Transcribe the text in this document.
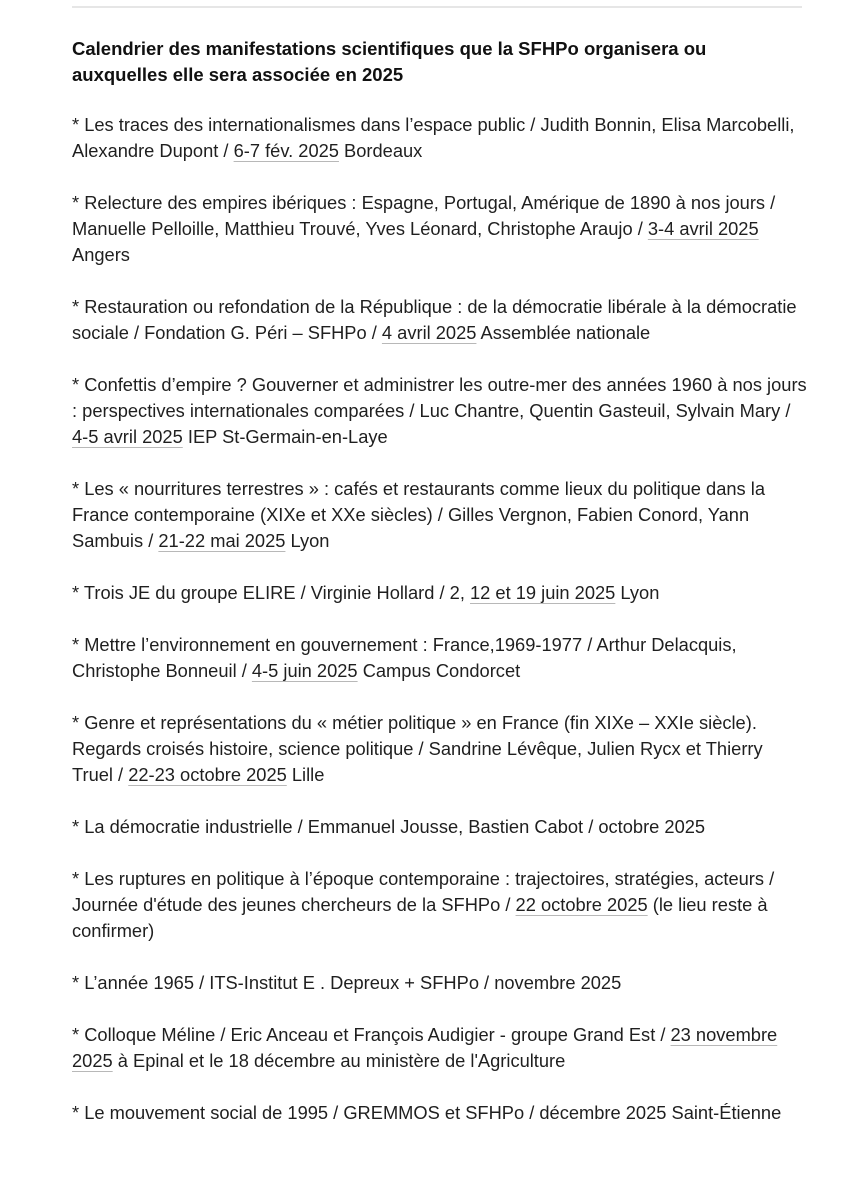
Calendrier des manifestations scientifiques que la SFHPo organisera ou auxquelles elle sera associée en 2025

* Les traces des internationalismes dans l’espace public / Judith Bonnin, Elisa Marcobelli, Alexandre Dupont / 6-7 fév. 2025 Bordeaux

* Relecture des empires ibériques : Espagne, Portugal, Amérique de 1890 à nos jours / Manuelle Pelloille, Matthieu Trouvé, Yves Léonard, Christophe Araujo / 3-4 avril 2025 Angers

* Restauration ou refondation de la République : de la démocratie libérale à la démocratie sociale / Fondation G. Péri – SFHPo / 4 avril 2025 Assemblée nationale

* Confettis d’empire ? Gouverner et administrer les outre-mer des années 1960 à nos jours : perspectives internationales comparées / Luc Chantre, Quentin Gasteuil, Sylvain Mary / 4-5 avril 2025 IEP St-Germain-en-Laye

* Les « nourritures terrestres » : cafés et restaurants comme lieux du politique dans la France contemporaine (XIXe et XXe siècles) / Gilles Vergnon, Fabien Conord, Yann Sambuis / 21-22 mai 2025 Lyon

* Trois JE du groupe ELIRE / Virginie Hollard / 2, 12 et 19 juin 2025 Lyon

* Mettre l’environnement en gouvernement : France,1969-1977 / Arthur Delacquis, Christophe Bonneuil / 4-5 juin 2025 Campus Condorcet

* Genre et représentations du « métier politique » en France (fin XIXe – XXIe siècle). Regards croisés histoire, science politique / Sandrine Lévêque, Julien Rycx et Thierry Truel / 22-23 octobre 2025 Lille

* La démocratie industrielle / Emmanuel Jousse, Bastien Cabot / octobre 2025

* Les ruptures en politique à l’époque contemporaine : trajectoires, stratégies, acteurs / Journée d'étude des jeunes chercheurs de la SFHPo / 22 octobre 2025 (le lieu reste à confirmer)

* L’année 1965 / ITS-Institut E . Depreux + SFHPo / novembre 2025

* Colloque Méline / Eric Anceau et François Audigier - groupe Grand Est / 23 novembre 2025 à Epinal et le 18 décembre au ministère de l'Agriculture

* Le mouvement social de 1995 / GREMMOS et SFHPo / décembre 2025 Saint-Étienne
